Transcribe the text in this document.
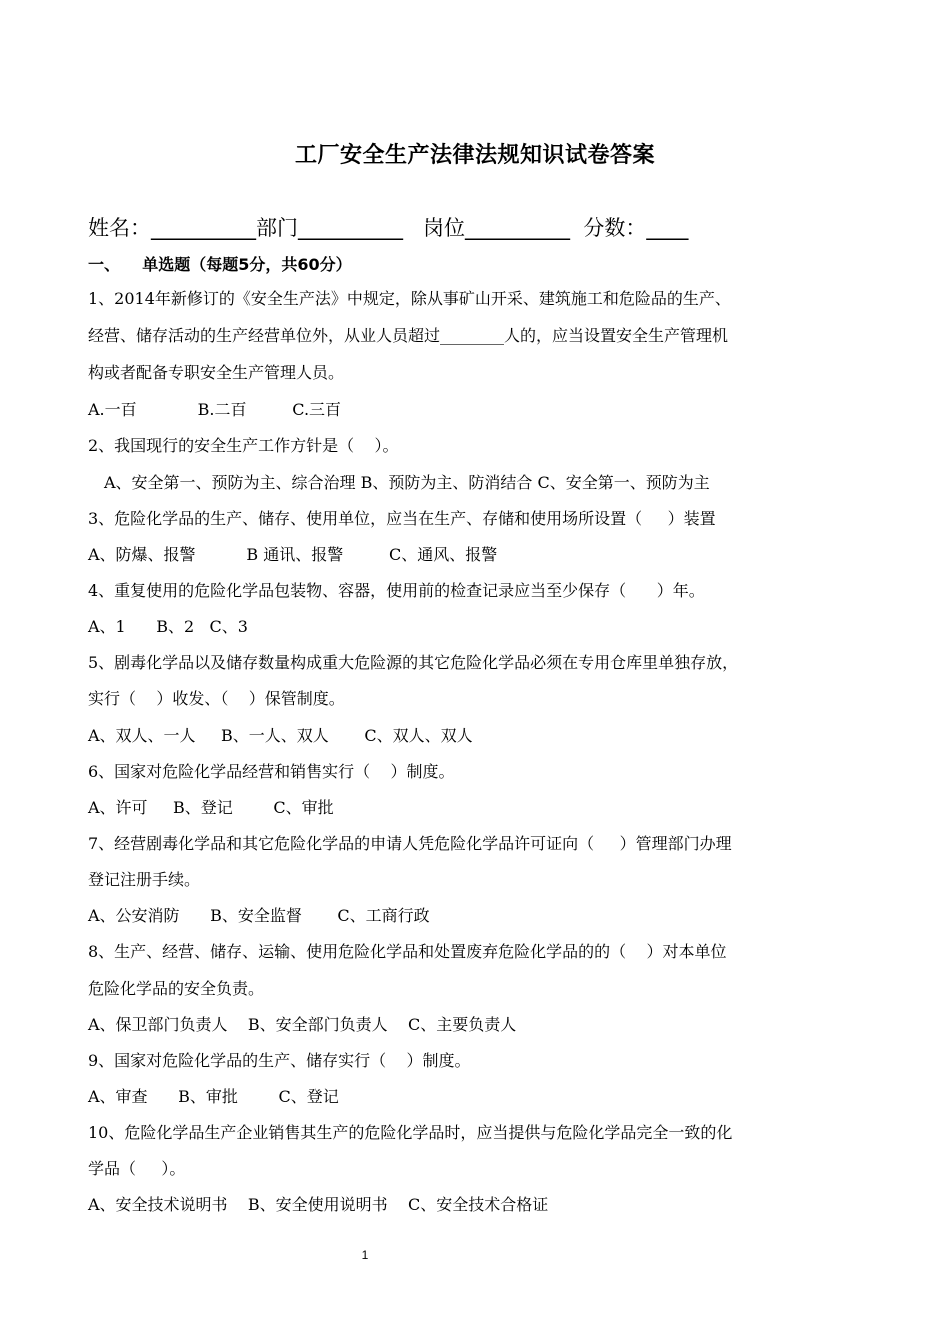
工厂安全生产法律法规知识试卷答案
姓名：__________部门__________   岗位__________  分数：____
一、    单选题（每题5分，共60分）
1、2014年新修订的《安全生产法》中规定，除从事矿山开采、建筑施工和危险品的生产、
经营、储存活动的生产经营单位外，从业人员超过________人的，应当设置安全生产管理机
构或者配备专职安全生产管理人员。
A.一百            B.二百         C.三百
2、我国现行的安全生产工作方针是（    ）。
A、安全第一、预防为主、综合治理 B、预防为主、防消结合 C、安全第一、预防为主
3、危险化学品的生产、储存、使用单位，应当在生产、存储和使用场所设置（     ）装置
A、防爆、报警          B 通讯、报警         C、通风、报警
4、重复使用的危险化学品包装物、容器，使用前的检查记录应当至少保存（      ）年。
A、1      B、2   C、3
5、剧毒化学品以及储存数量构成重大危险源的其它危险化学品必须在专用仓库里单独存放，
实行（    ）收发、（    ）保管制度。
A、双人、一人     B、一人、双人       C、双人、双人
6、国家对危险化学品经营和销售实行（    ）制度。
A、许可     B、登记        C、审批
7、经营剧毒化学品和其它危险化学品的申请人凭危险化学品许可证向（     ）管理部门办理
登记注册手续。
A、公安消防      B、安全监督       C、工商行政
8、生产、经营、储存、运输、使用危险化学品和处置废弃危险化学品的的（    ）对本单位
危险化学品的安全负责。
A、保卫部门负责人    B、安全部门负责人    C、主要负责人
9、国家对危险化学品的生产、储存实行（    ）制度。
A、审查      B、审批        C、登记
10、危险化学品生产企业销售其生产的危险化学品时，应当提供与危险化学品完全一致的化
学品（     ）。
A、安全技术说明书    B、安全使用说明书    C、安全技术合格证
1
